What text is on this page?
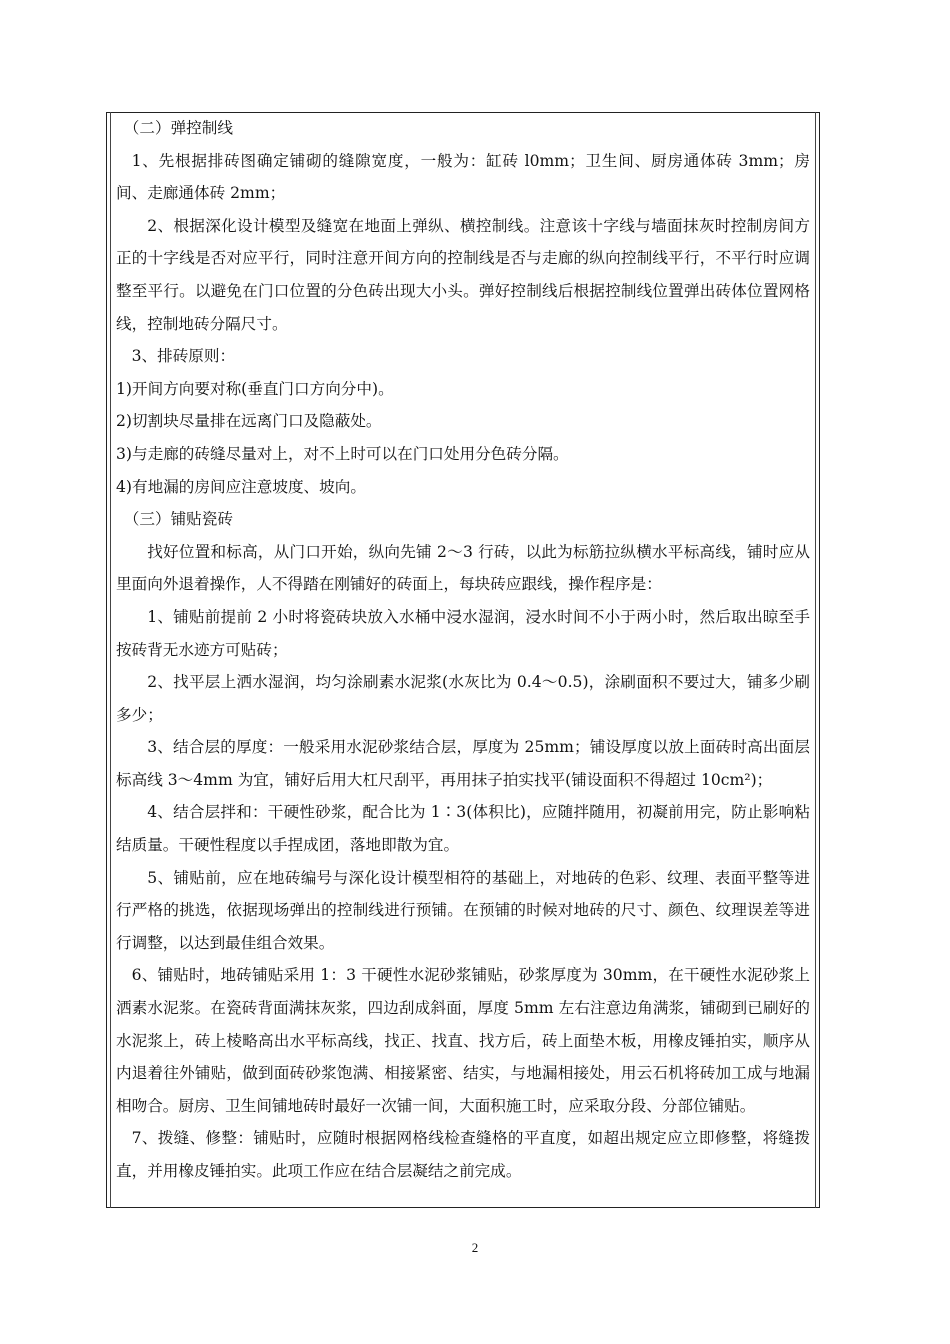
（二）弹控制线

1、先根据排砖图确定铺砌的缝隙宽度，一般为：缸砖 l0mm；卫生间、厨房通体砖 3mm；房间、走廊通体砖 2mm；

2、根据深化设计模型及缝宽在地面上弹纵、横控制线。注意该十字线与墙面抹灰时控制房间方正的十字线是否对应平行，同时注意开间方向的控制线是否与走廊的纵向控制线平行，不平行时应调整至平行。以避免在门口位置的分色砖出现大小头。弹好控制线后根据控制线位置弹出砖体位置网格线，控制地砖分隔尺寸。

3、排砖原则：

1)开间方向要对称(垂直门口方向分中)。

2)切割块尽量排在远离门口及隐蔽处。

3)与走廊的砖缝尽量对上，对不上时可以在门口处用分色砖分隔。

4)有地漏的房间应注意坡度、坡向。

（三）铺贴瓷砖

找好位置和标高，从门口开始，纵向先铺 2～3 行砖，以此为标筋拉纵横水平标高线，铺时应从里面向外退着操作，人不得踏在刚铺好的砖面上，每块砖应跟线，操作程序是：

1、铺贴前提前 2 小时将瓷砖块放入水桶中浸水湿润，浸水时间不小于两小时，然后取出晾至手按砖背无水迹方可贴砖；

2、找平层上洒水湿润，均匀涂刷素水泥浆(水灰比为 0.4～0.5)，涂刷面积不要过大，铺多少刷多少；

3、结合层的厚度：一般采用水泥砂浆结合层，厚度为 25mm；铺设厚度以放上面砖时高出面层标高线 3～4mm 为宜，铺好后用大杠尺刮平，再用抹子拍实找平(铺设面积不得超过 10cm²)；

4、结合层拌和：干硬性砂浆，配合比为 1∶3(体积比)，应随拌随用，初凝前用完，防止影响粘结质量。干硬性程度以手捏成团，落地即散为宜。

5、铺贴前，应在地砖编号与深化设计模型相符的基础上，对地砖的色彩、纹理、表面平整等进行严格的挑选，依据现场弹出的控制线进行预铺。在预铺的时候对地砖的尺寸、颜色、纹理误差等进行调整，以达到最佳组合效果。

6、铺贴时，地砖铺贴采用 1：3 干硬性水泥砂浆铺贴，砂浆厚度为 30mm，在干硬性水泥砂浆上洒素水泥浆。在瓷砖背面满抹灰浆，四边刮成斜面，厚度 5mm 左右注意边角满浆，铺砌到已刷好的水泥浆上，砖上棱略高出水平标高线，找正、找直、找方后，砖上面垫木板，用橡皮锤拍实，顺序从内退着往外铺贴，做到面砖砂浆饱满、相接紧密、结实，与地漏相接处，用云石机将砖加工成与地漏相吻合。厨房、卫生间铺地砖时最好一次铺一间，大面积施工时，应采取分段、分部位铺贴。

7、拨缝、修整：铺贴时，应随时根据网格线检查缝格的平直度，如超出规定应立即修整，将缝拨直，并用橡皮锤拍实。此项工作应在结合层凝结之前完成。

2
